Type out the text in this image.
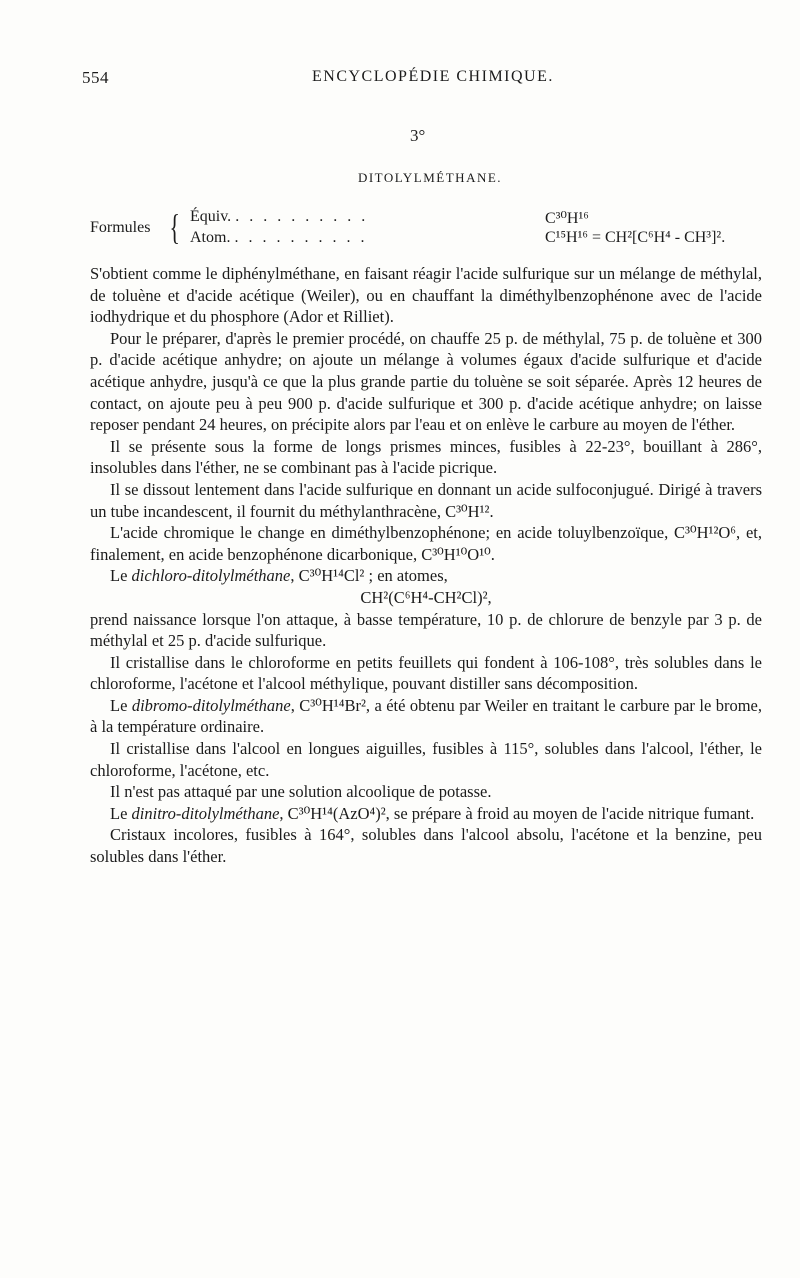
554	ENCYCLOPÉDIE CHIMIQUE.
3°
DITOLYLMÉTHANE.
Formules { Équiv. . . . . . . . . . .	C³⁰H¹⁶
Atom. . . . . . . . . . .	C¹⁵H¹⁶ = CH²[C⁶H⁴ - CH³]².

S'obtient comme le diphénylméthane, en faisant réagir l'acide sulfurique sur un mélange de méthylal, de toluène et d'acide acétique (Weiler), ou en chauffant la diméthylbenzophénone avec de l'acide iodhydrique et du phosphore (Ador et Rilliet).

Pour le préparer, d'après le premier procédé, on chauffe 25 p. de méthylal, 75 p. de toluène et 300 p. d'acide acétique anhydre; on ajoute un mélange à volumes égaux d'acide sulfurique et d'acide acétique anhydre, jusqu'à ce que la plus grande partie du toluène se soit séparée. Après 12 heures de contact, on ajoute peu à peu 900 p. d'acide sulfurique et 300 p. d'acide acétique anhydre; on laisse reposer pendant 24 heures, on précipite alors par l'eau et on enlève le carbure au moyen de l'éther.

Il se présente sous la forme de longs prismes minces, fusibles à 22-23°, bouillant à 286°, insolubles dans l'éther, ne se combinant pas à l'acide picrique.

Il se dissout lentement dans l'acide sulfurique en donnant un acide sulfoconjugué. Dirigé à travers un tube incandescent, il fournit du méthylanthracène, C³⁰H¹².

L'acide chromique le change en diméthylbenzophénone; en acide toluylbenzoïque, C³⁰H¹²O⁶, et, finalement, en acide benzophénone dicarbonique, C³⁰H¹⁰O¹⁰.

Le dichloro-ditolylméthane, C³⁰H¹⁴Cl² ; en atomes,

CH²(C⁶H⁴-CH²Cl)²,

prend naissance lorsque l'on attaque, à basse température, 10 p. de chlorure de benzyle par 3 p. de méthylal et 25 p. d'acide sulfurique.

Il cristallise dans le chloroforme en petits feuillets qui fondent à 106-108°, très solubles dans le chloroforme, l'acétone et l'alcool méthylique, pouvant distiller sans décomposition.

Le dibromo-ditolylméthane, C³⁰H¹⁴Br², a été obtenu par Weiler en traitant le carbure par le brome, à la température ordinaire.

Il cristallise dans l'alcool en longues aiguilles, fusibles à 115°, solubles dans l'alcool, l'éther, le chloroforme, l'acétone, etc.

Il n'est pas attaqué par une solution alcoolique de potasse.

Le dinitro-ditolylméthane, C³⁰H¹⁴(AzO⁴)², se prépare à froid au moyen de l'acide nitrique fumant.

Cristaux incolores, fusibles à 164°, solubles dans l'alcool absolu, l'acétone et la benzine, peu solubles dans l'éther.
